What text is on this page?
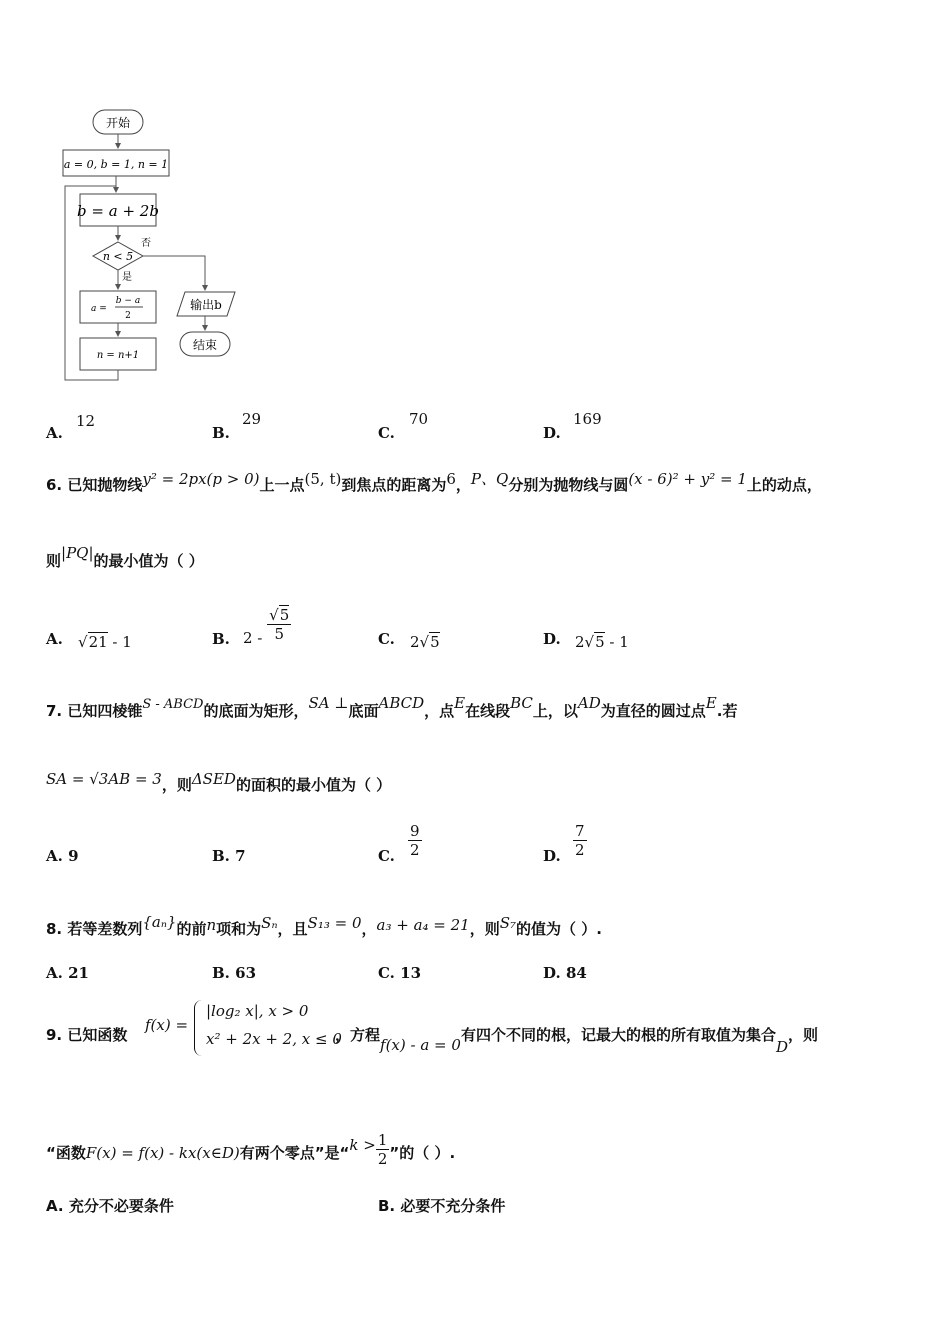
开始
a = 0, b = 1, n = 1
b = a + 2b
n < 5
否
是
a =
b − a
2
n = n+1
输出b
结束
A.
12
B.
29
C.
70
D.
169
6. 已知抛物线y² = 2px(p > 0)上一点(5, t)到焦点的距离为6，P、Q分别为抛物线与圆(x - 6)² + y² = 1上的动点，
则|PQ|的最小值为（ ）
A. √21 - 1	B. $2 - \frac{√5}{5}$	C. 2√5	D. 2√5 - 1
7. 已知四棱锥S - ABCD的底面为矩形，SA ⊥底面ABCD，点E在线段BC上，以AD为直径的圆过点E.若
SA = √3AB = 3，则ΔSED的面积的最小值为（ ）
A. 9	B. 7	C. $\frac{9}{2}$	D. $\frac{7}{2}$
8. 若等差数列{aₙ}的前n项和为Sₙ，且S₁₃ = 0，a₃ + a₄ = 21，则S₇的值为（ ）.
A. 21	B. 63	C. 13	D. 84
9. 已知函数
f(x) =
|log₂ x|, x > 0
x² + 2x + 2, x ≤ 0
，方程f(x) - a = 0有四个不同的根，记最大的根的所有取值为集合D，则
“函数F(x) = f(x) - kx(x∈D)有两个零点”是“$k > \frac{1}{2}$ ”的（ ）.
A. 充分不必要条件	B. 必要不充分条件
